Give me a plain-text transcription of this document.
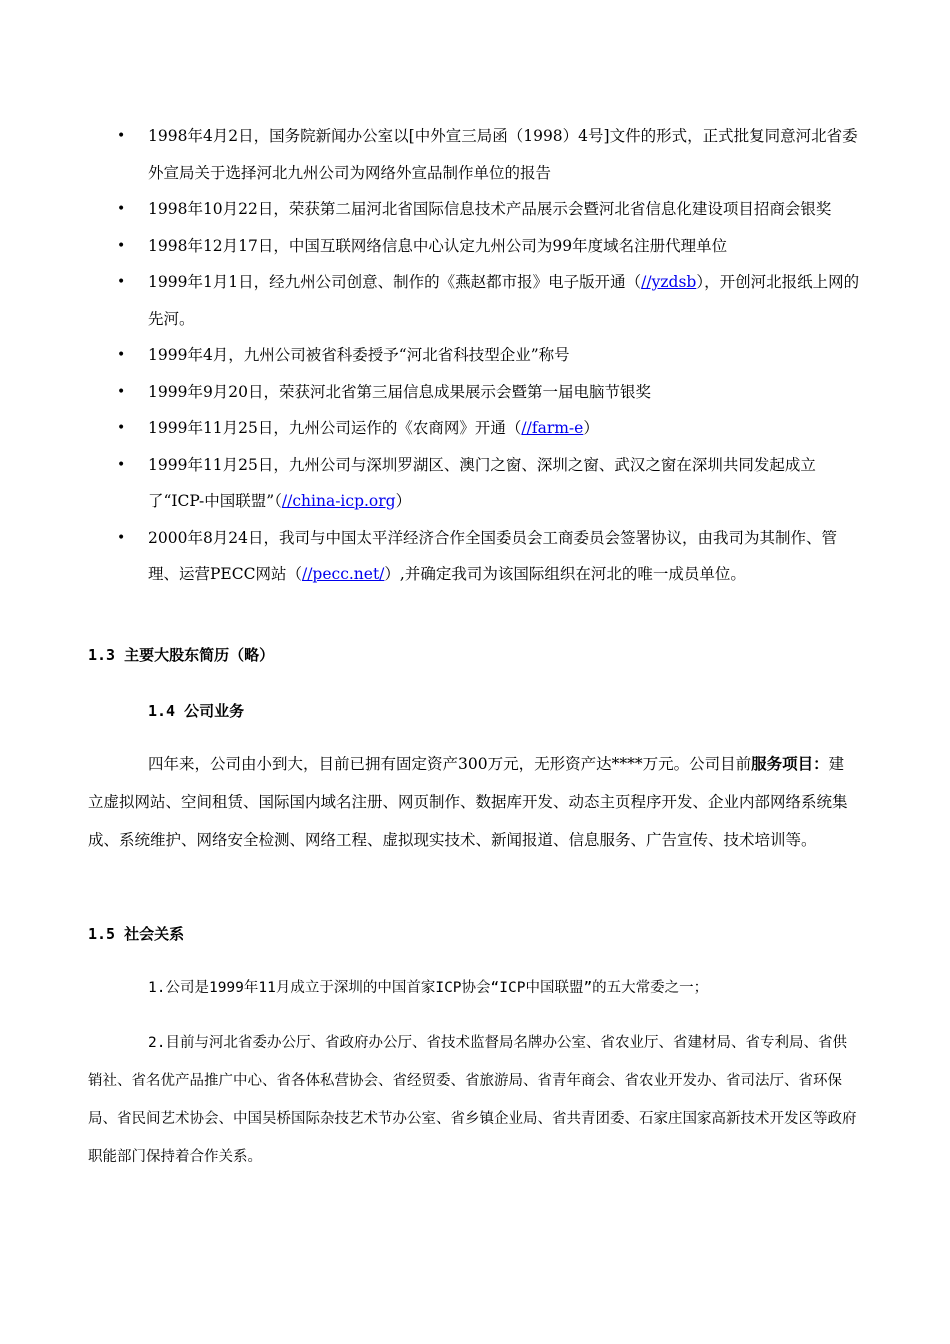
• 1998年4月2日，国务院新闻办公室以[中外宣三局函（1998）4号]文件的形式，正式批复同意河北省委外宣局关于选择河北九州公司为网络外宣品制作单位的报告
• 1998年10月22日，荣获第二届河北省国际信息技术产品展示会暨河北省信息化建设项目招商会银奖
• 1998年12月17日，中国互联网络信息中心认定九州公司为99年度域名注册代理单位
• 1999年1月1日，经九州公司创意、制作的《燕赵都市报》电子版开通（//yzdsb），开创河北报纸上网的先河。
• 1999年4月，九州公司被省科委授予“河北省科技型企业”称号
• 1999年9月20日，荣获河北省第三届信息成果展示会暨第一届电脑节银奖
• 1999年11月25日，九州公司运作的《农商网》开通（//farm-e）
• 1999年11月25日，九州公司与深圳罗湖区、澳门之窗、深圳之窗、武汉之窗在深圳共同发起成立了“ICP-中国联盟”（//china-icp.org）
• 2000年8月24日，我司与中国太平洋经济合作全国委员会工商委员会签署协议，由我司为其制作、管理、运营PECC网站（//pecc.net/）,并确定我司为该国际组织在河北的唯一成员单位。
1.3 主要大股东简历（略）
1.4 公司业务

四年来，公司由小到大，目前已拥有固定资产300万元，无形资产达****万元。公司目前服务项目：建立虚拟网站、空间租赁、国际国内域名注册、网页制作、数据库开发、动态主页程序开发、企业内部网络系统集成、系统维护、网络安全检测、网络工程、虚拟现实技术、新闻报道、信息服务、广告宣传、技术培训等。

1.5 社会关系

1.公司是1999年11月成立于深圳的中国首家ICP协会“ICP中国联盟”的五大常委之一；

2.目前与河北省委办公厅、省政府办公厅、省技术监督局名牌办公室、省农业厅、省建材局、省专利局、省供销社、省名优产品推广中心、省各体私营协会、省经贸委、省旅游局、省青年商会、省农业开发办、省司法厅、省环保局、省民间艺术协会、中国吴桥国际杂技艺术节办公室、省乡镇企业局、省共青团委、石家庄国家高新技术开发区等政府职能部门保持着合作关系。
